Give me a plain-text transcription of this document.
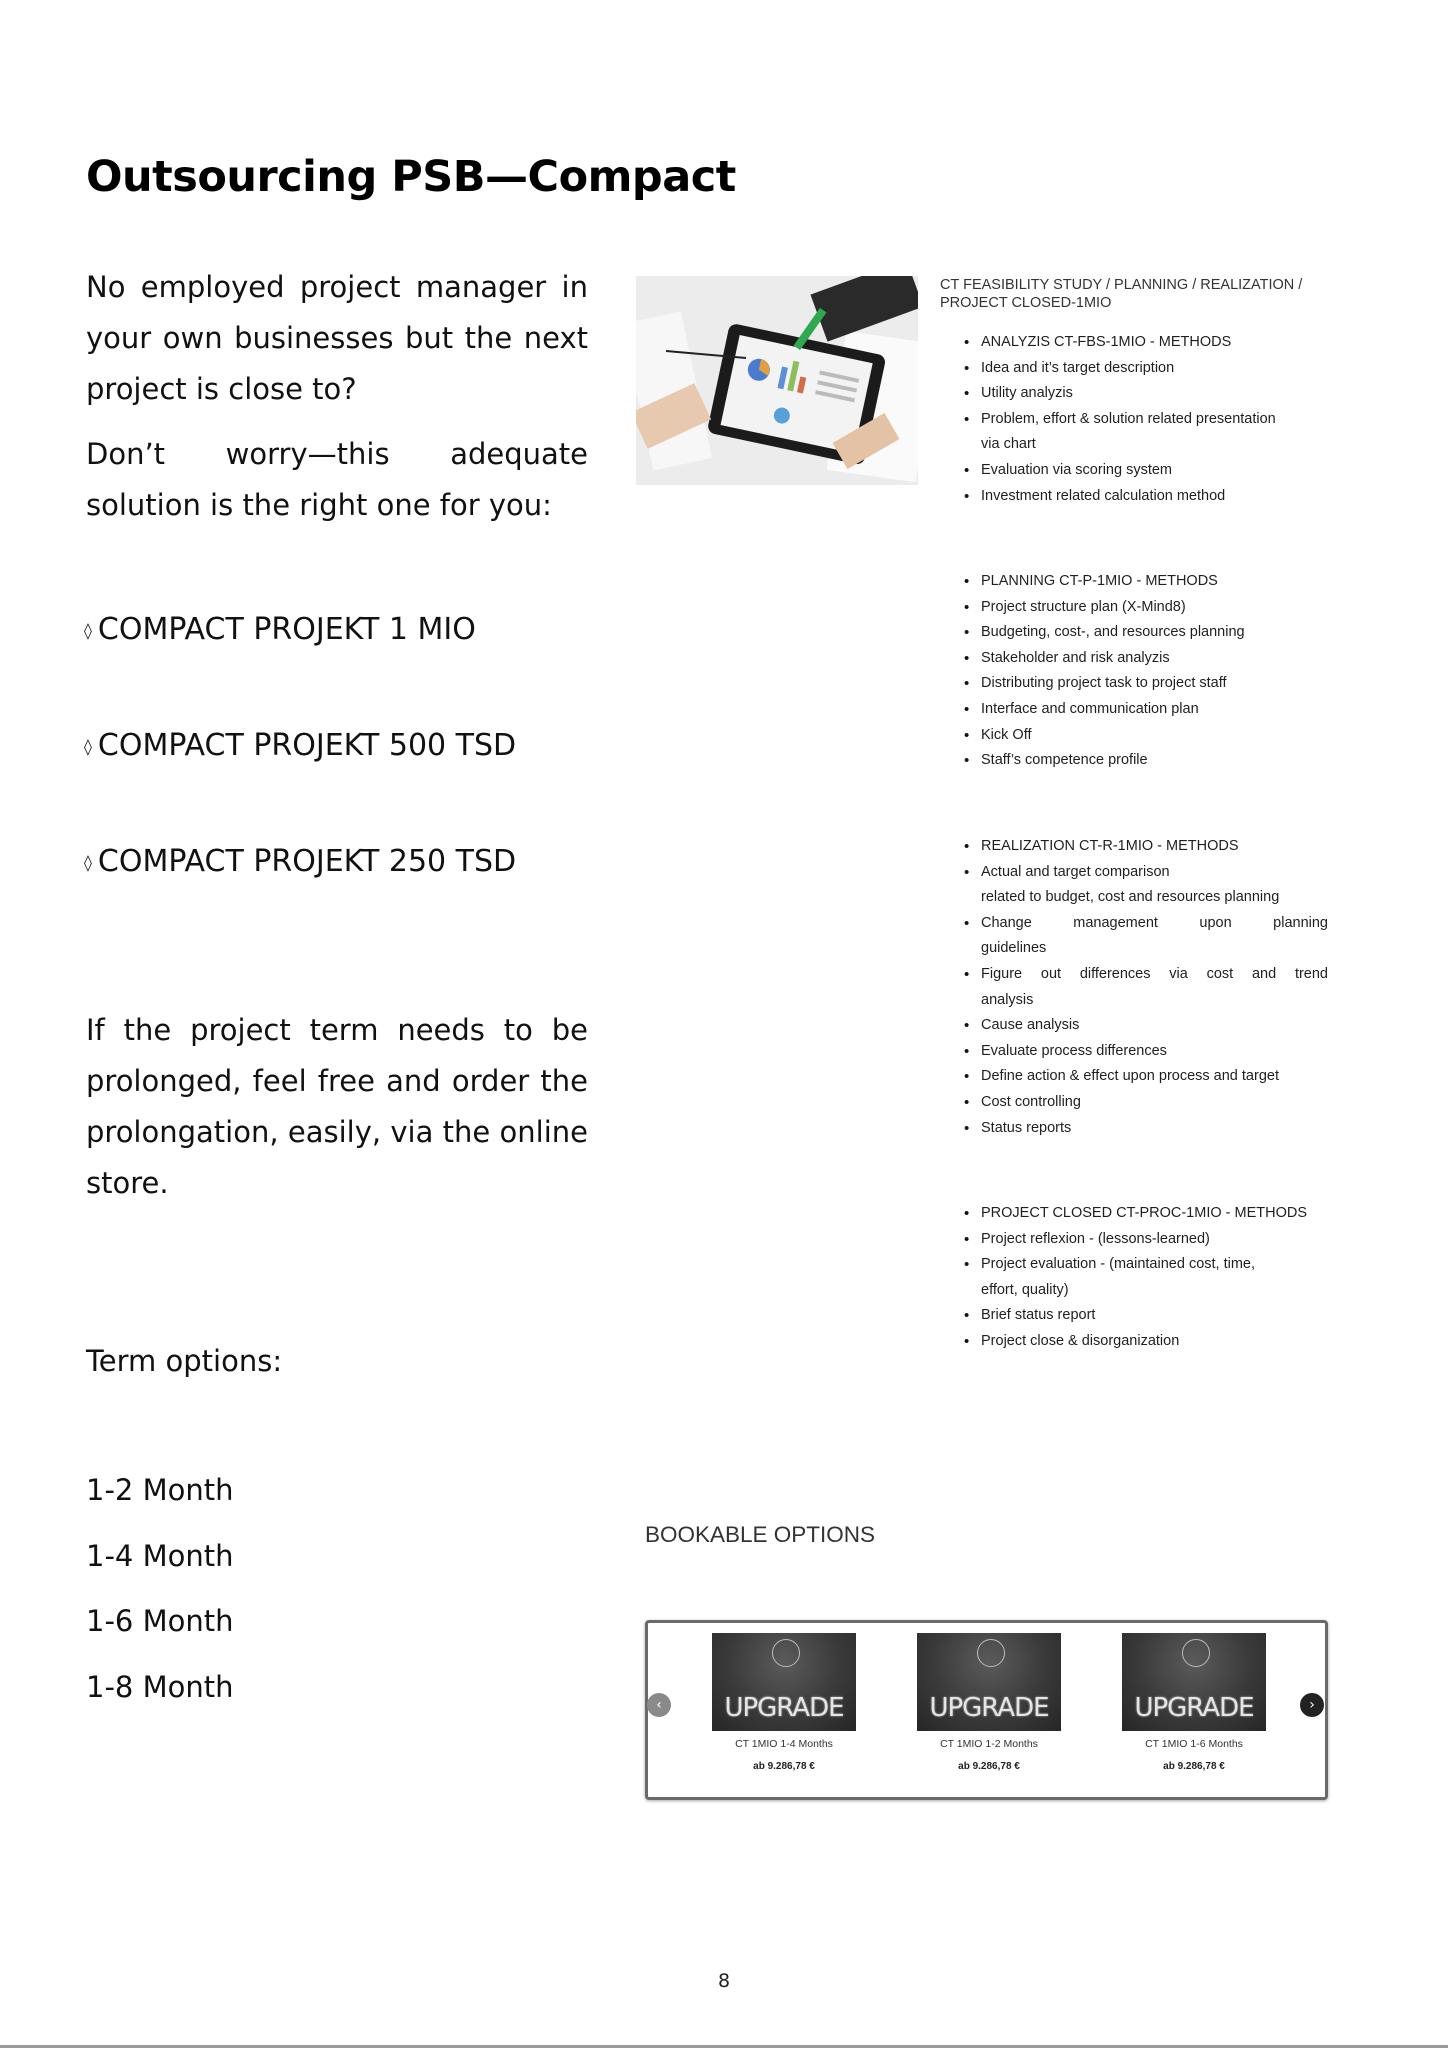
Outsourcing PSB—Compact

No employed project manager in your own businesses but the next project is close to?

Don’t worry—this adequate solution is the right one for you:

◊ COMPACT PROJEKT 1 MIO
◊ COMPACT PROJEKT 500 TSD
◊ COMPACT PROJEKT 250 TSD

If the project term needs to be prolonged, feel free and order the prolongation, easily, via the online store.

Term options:
1-2 Month
1-4 Month
1-6 Month
1-8 Month
CT FEASIBILITY STUDY / PLANNING / REALIZATION / PROJECT CLOSED-1MIO
• ANALYZIS CT-FBS-1MIO - METHODS
• Idea and it’s target description
• Utility analyzis
• Problem, effort & solution related presentation
via chart
• Evaluation via scoring system
• Investment related calculation method
• PLANNING CT-P-1MIO - METHODS
• Project structure plan (X-Mind8)
• Budgeting, cost-, and resources planning
• Stakeholder and risk analyzis
• Distributing project task to project staff
• Interface and communication plan
• Kick Off
• Staff’s competence profile
• REALIZATION CT-R-1MIO - METHODS
• Actual and target comparison
related to budget, cost and resources planning
• Change management upon planning
guidelines
• Figure out differences via cost and trend
analysis
• Cause analysis
• Evaluate process differences
• Define action & effect upon process and target
• Cost controlling
• Status reports
• PROJECT CLOSED CT-PROC-1MIO - METHODS
• Project reflexion - (lessons-learned)
• Project evaluation - (maintained cost, time,
effort, quality)
• Brief status report
• Project close & disorganization
BOOKABLE OPTIONS
‹	UPGRADE
CT 1MIO 1-4 Months
ab 9.286,78 €
UPGRADE
CT 1MIO 1-2 Months
ab 9.286,78 €
UPGRADE
CT 1MIO 1-6 Months
ab 9.286,78 €
›
8
